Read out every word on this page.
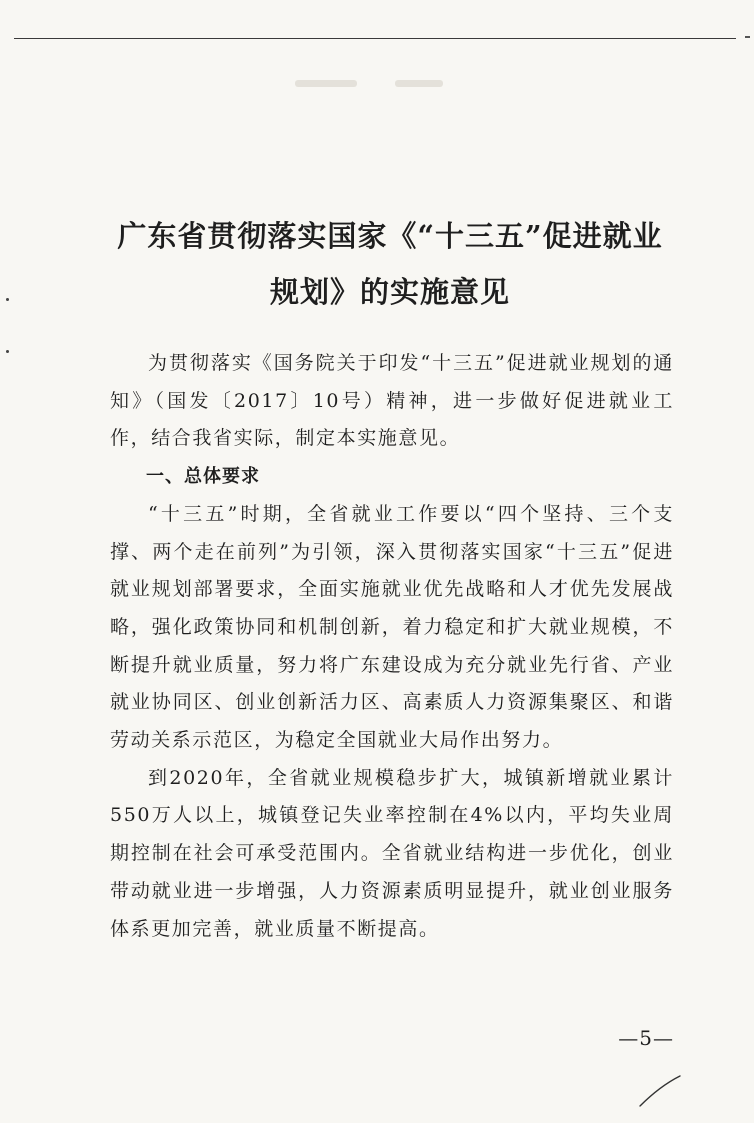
广东省贯彻落实国家《“十三五”促进就业
规划》的实施意见

为贯彻落实《国务院关于印发“十三五”促进就业规划的通知》（国发〔2017〕10号）精神，进一步做好促进就业工作，结合我省实际，制定本实施意见。

一、总体要求

“十三五”时期，全省就业工作要以“四个坚持、三个支撑、两个走在前列”为引领，深入贯彻落实国家“十三五”促进就业规划部署要求，全面实施就业优先战略和人才优先发展战略，强化政策协同和机制创新，着力稳定和扩大就业规模，不断提升就业质量，努力将广东建设成为充分就业先行省、产业就业协同区、创业创新活力区、高素质人力资源集聚区、和谐劳动关系示范区，为稳定全国就业大局作出努力。

到2020年，全省就业规模稳步扩大，城镇新增就业累计550万人以上，城镇登记失业率控制在4%以内，平均失业周期控制在社会可承受范围内。全省就业结构进一步优化，创业带动就业进一步增强，人力资源素质明显提升，就业创业服务体系更加完善，就业质量不断提高。

—5—
